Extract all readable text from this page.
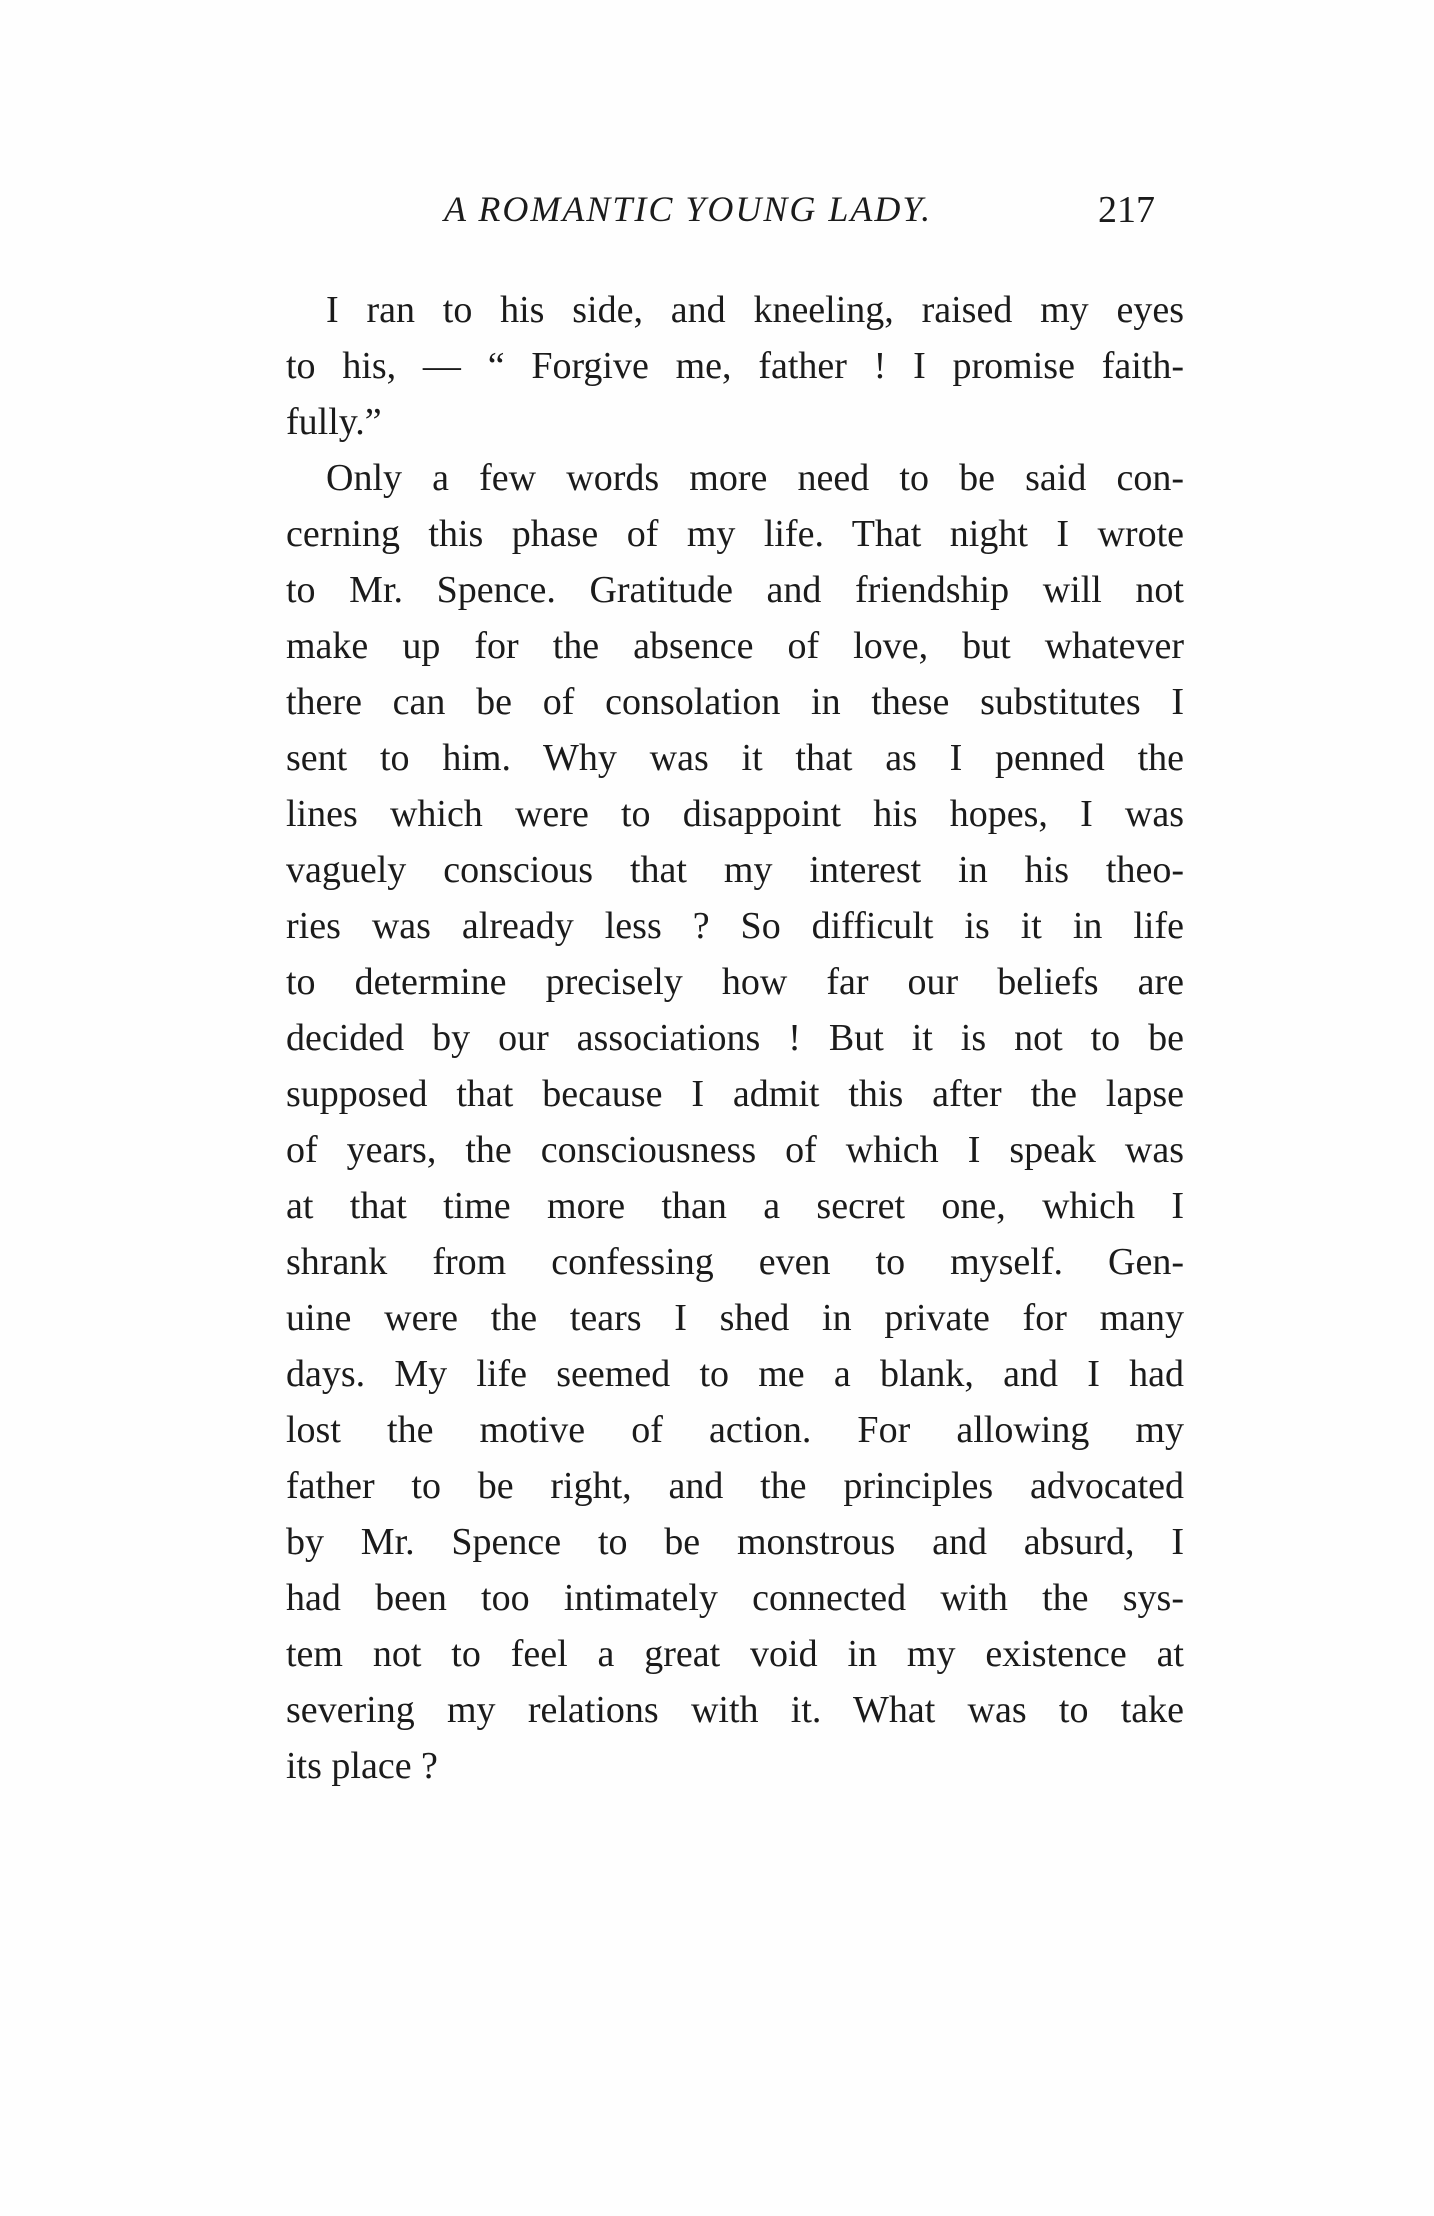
A ROMANTIC YOUNG LADY.	217
I ran to his side, and kneeling, raised my eyes
to his, — “ Forgive me, father ! I promise faith-
fully.”
Only a few words more need to be said con-
cerning this phase of my life. That night I wrote
to Mr. Spence. Gratitude and friendship will not
make up for the absence of love, but whatever
there can be of consolation in these substitutes I
sent to him. Why was it that as I penned the
lines which were to disappoint his hopes, I was
vaguely conscious that my interest in his theo-
ries was already less ? So difficult is it in life
to determine precisely how far our beliefs are
decided by our associations ! But it is not to be
supposed that because I admit this after the lapse
of years, the consciousness of which I speak was
at that time more than a secret one, which I
shrank from confessing even to myself. Gen-
uine were the tears I shed in private for many
days. My life seemed to me a blank, and I had
lost the motive of action. For allowing my
father to be right, and the principles advocated
by Mr. Spence to be monstrous and absurd, I
had been too intimately connected with the sys-
tem not to feel a great void in my existence at
severing my relations with it. What was to take
its place ?
